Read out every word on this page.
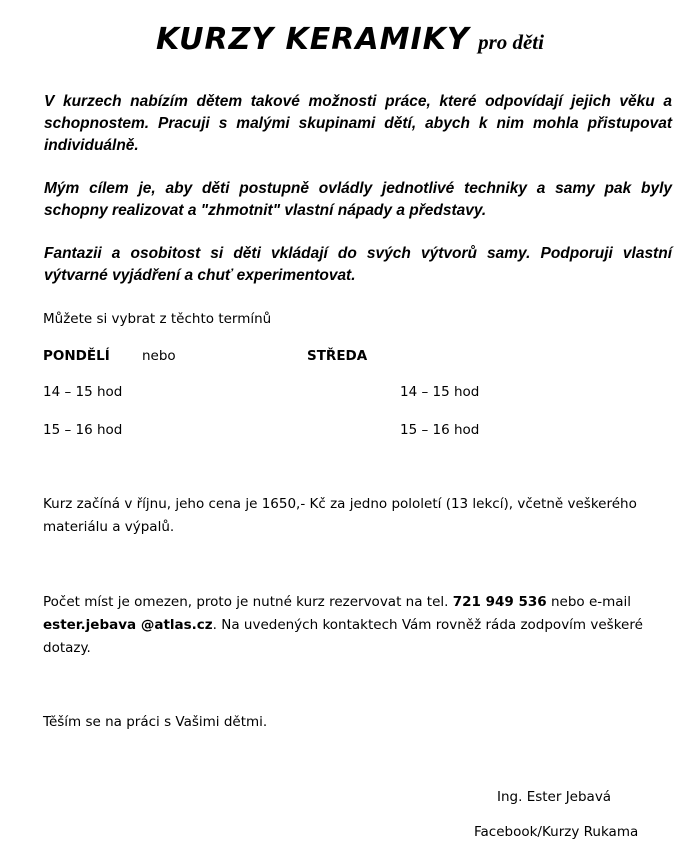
KURZY KERAMIKY pro děti

V kurzech nabízím dětem takové možnosti práce, které odpovídají jejich věku a schopnostem. Pracuji s malými skupinami dětí, abych k nim mohla přistupovat individuálně.

Mým cílem je, aby děti postupně ovládly jednotlivé techniky a samy pak byly schopny realizovat a "zhmotnit" vlastní nápady a představy.

Fantazii a osobitost si děti vkládají do svých výtvorů samy. Podporuji vlastní výtvarné vyjádření a chuť experimentovat.

Můžete si vybrat z těchto termínů

PONDĚLÍ nebo	STŘEDA

14 – 15 hod	14 – 15 hod

15 – 16 hod	15 – 16 hod

Kurz začíná v říjnu, jeho cena je 1650,- Kč za jedno pololetí (13 lekcí), včetně veškerého materiálu a výpalů.

Počet míst je omezen, proto je nutné kurz rezervovat na tel. 721 949 536 nebo e-mail ester.jebava @atlas.cz. Na uvedených kontaktech Vám rovněž ráda zodpovím veškeré dotazy.

Těším se na práci s Vašimi dětmi.

Ing. Ester Jebavá

Facebook/Kurzy Rukama
